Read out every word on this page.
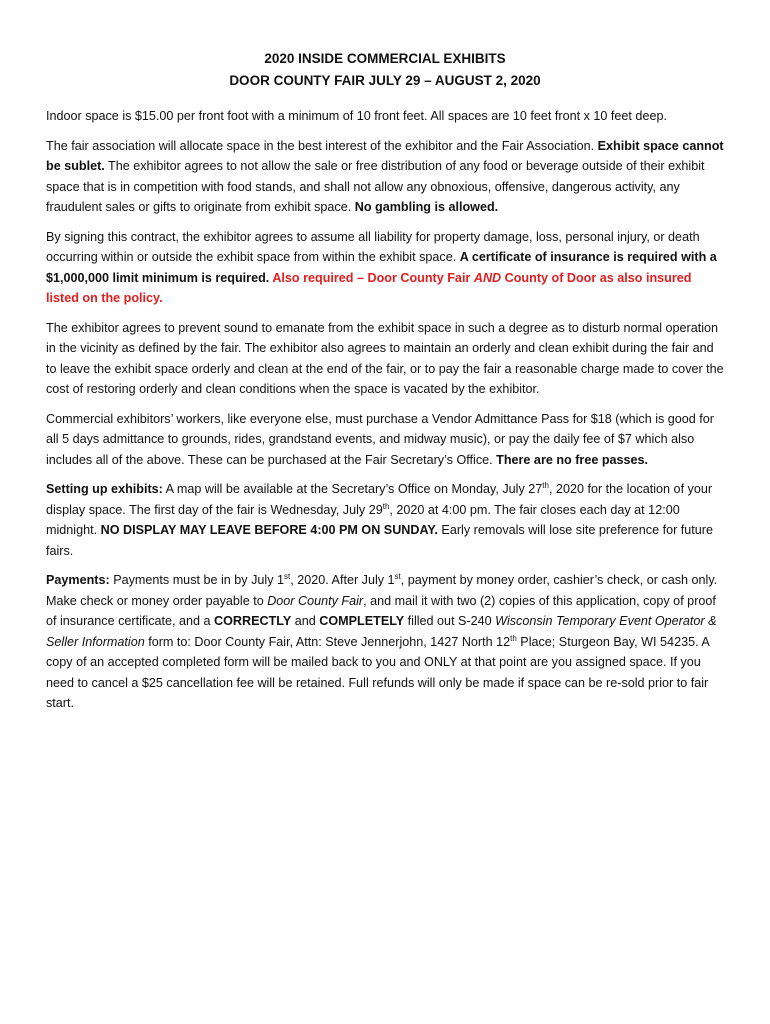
2020 INSIDE COMMERCIAL EXHIBITS
DOOR COUNTY FAIR JULY 29 – AUGUST 2, 2020

Indoor space is $15.00 per front foot with a minimum of 10 front feet. All spaces are 10 feet front x 10 feet deep.

The fair association will allocate space in the best interest of the exhibitor and the Fair Association. Exhibit space cannot be sublet. The exhibitor agrees to not allow the sale or free distribution of any food or beverage outside of their exhibit space that is in competition with food stands, and shall not allow any obnoxious, offensive, dangerous activity, any fraudulent sales or gifts to originate from exhibit space. No gambling is allowed.

By signing this contract, the exhibitor agrees to assume all liability for property damage, loss, personal injury, or death occurring within or outside the exhibit space from within the exhibit space. A certificate of insurance is required with a $1,000,000 limit minimum is required. Also required – Door County Fair AND County of Door as also insured listed on the policy.

The exhibitor agrees to prevent sound to emanate from the exhibit space in such a degree as to disturb normal operation in the vicinity as defined by the fair. The exhibitor also agrees to maintain an orderly and clean exhibit during the fair and to leave the exhibit space orderly and clean at the end of the fair, or to pay the fair a reasonable charge made to cover the cost of restoring orderly and clean conditions when the space is vacated by the exhibitor.

Commercial exhibitors’ workers, like everyone else, must purchase a Vendor Admittance Pass for $18 (which is good for all 5 days admittance to grounds, rides, grandstand events, and midway music), or pay the daily fee of $7 which also includes all of the above. These can be purchased at the Fair Secretary’s Office. There are no free passes.

Setting up exhibits: A map will be available at the Secretary’s Office on Monday, July 27th, 2020 for the location of your display space. The first day of the fair is Wednesday, July 29th, 2020 at 4:00 pm. The fair closes each day at 12:00 midnight. NO DISPLAY MAY LEAVE BEFORE 4:00 PM ON SUNDAY. Early removals will lose site preference for future fairs.

Payments: Payments must be in by July 1st, 2020. After July 1st, payment by money order, cashier’s check, or cash only. Make check or money order payable to Door County Fair, and mail it with two (2) copies of this application, copy of proof of insurance certificate, and a CORRECTLY and COMPLETELY filled out S-240 Wisconsin Temporary Event Operator & Seller Information form to: Door County Fair, Attn: Steve Jennerjohn, 1427 North 12th Place; Sturgeon Bay, WI 54235. A copy of an accepted completed form will be mailed back to you and ONLY at that point are you assigned space. If you need to cancel a $25 cancellation fee will be retained. Full refunds will only be made if space can be re-sold prior to fair start.
